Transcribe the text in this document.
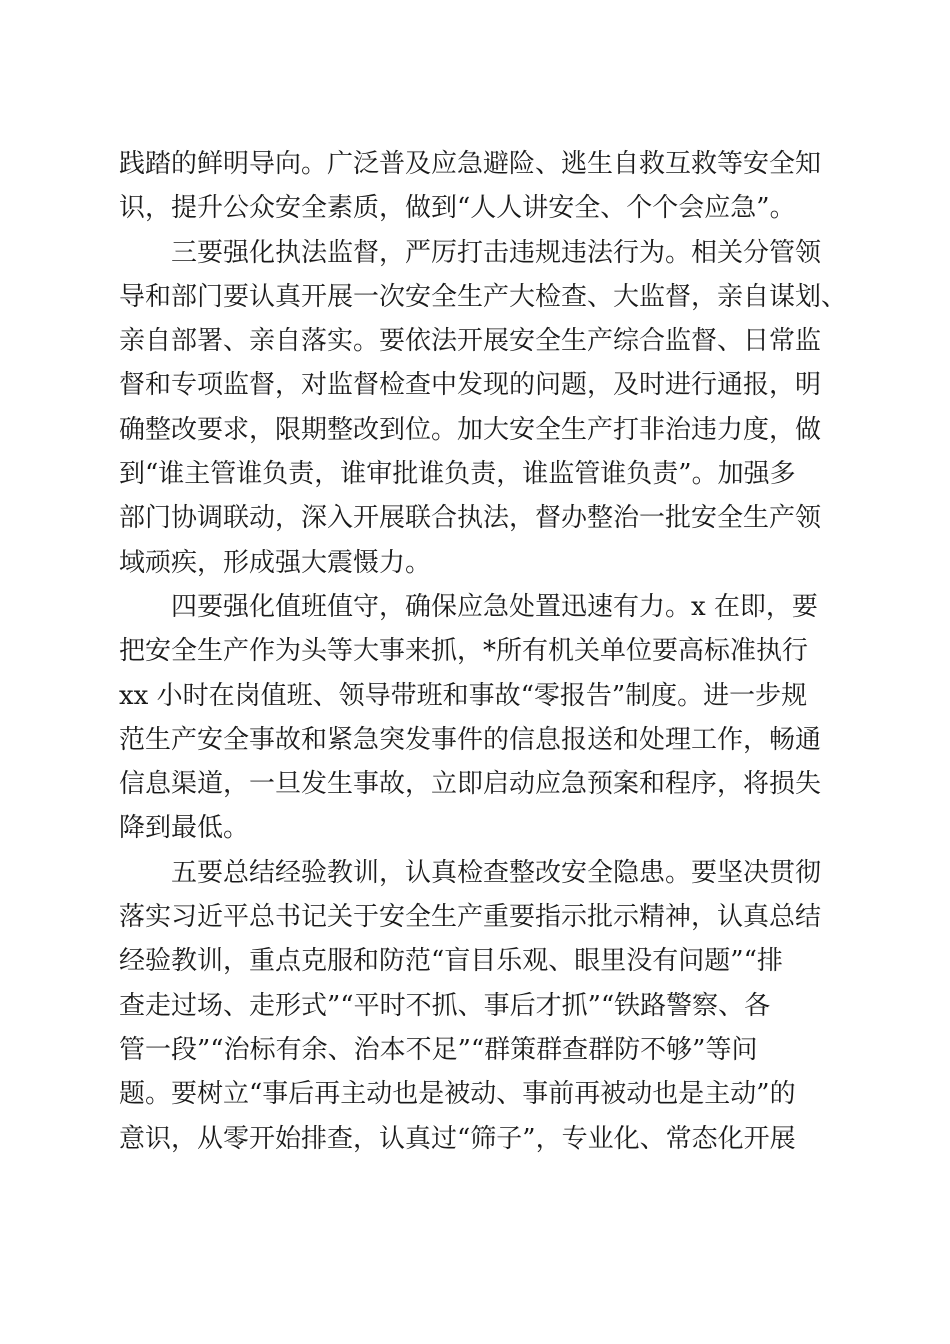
践踏的鲜明导向。广泛普及应急避险、逃生自救互救等安全知
识，提升公众安全素质，做到“人人讲安全、个个会应急”。
　　三要强化执法监督，严厉打击违规违法行为。相关分管领
导和部门要认真开展一次安全生产大检查、大监督，亲自谋划、
亲自部署、亲自落实。要依法开展安全生产综合监督、日常监
督和专项监督，对监督检查中发现的问题，及时进行通报，明
确整改要求，限期整改到位。加大安全生产打非治违力度，做
到“谁主管谁负责，谁审批谁负责，谁监管谁负责”。加强多
部门协调联动，深入开展联合执法，督办整治一批安全生产领
域顽疾，形成强大震慑力。
　　四要强化值班值守，确保应急处置迅速有力。x 在即，要
把安全生产作为头等大事来抓，*所有机关单位要高标准执行
xx 小时在岗值班、领导带班和事故“零报告”制度。进一步规
范生产安全事故和紧急突发事件的信息报送和处理工作，畅通
信息渠道，一旦发生事故，立即启动应急预案和程序，将损失
降到最低。
　　五要总结经验教训，认真检查整改安全隐患。要坚决贯彻
落实习近平总书记关于安全生产重要指示批示精神，认真总结
经验教训，重点克服和防范“盲目乐观、眼里没有问题”“排
查走过场、走形式”“平时不抓、事后才抓”“铁路警察、各
管一段”“治标有余、治本不足”“群策群查群防不够”等问
题。要树立“事后再主动也是被动、事前再被动也是主动”的
意识，从零开始排查，认真过“筛子”，专业化、常态化开展
